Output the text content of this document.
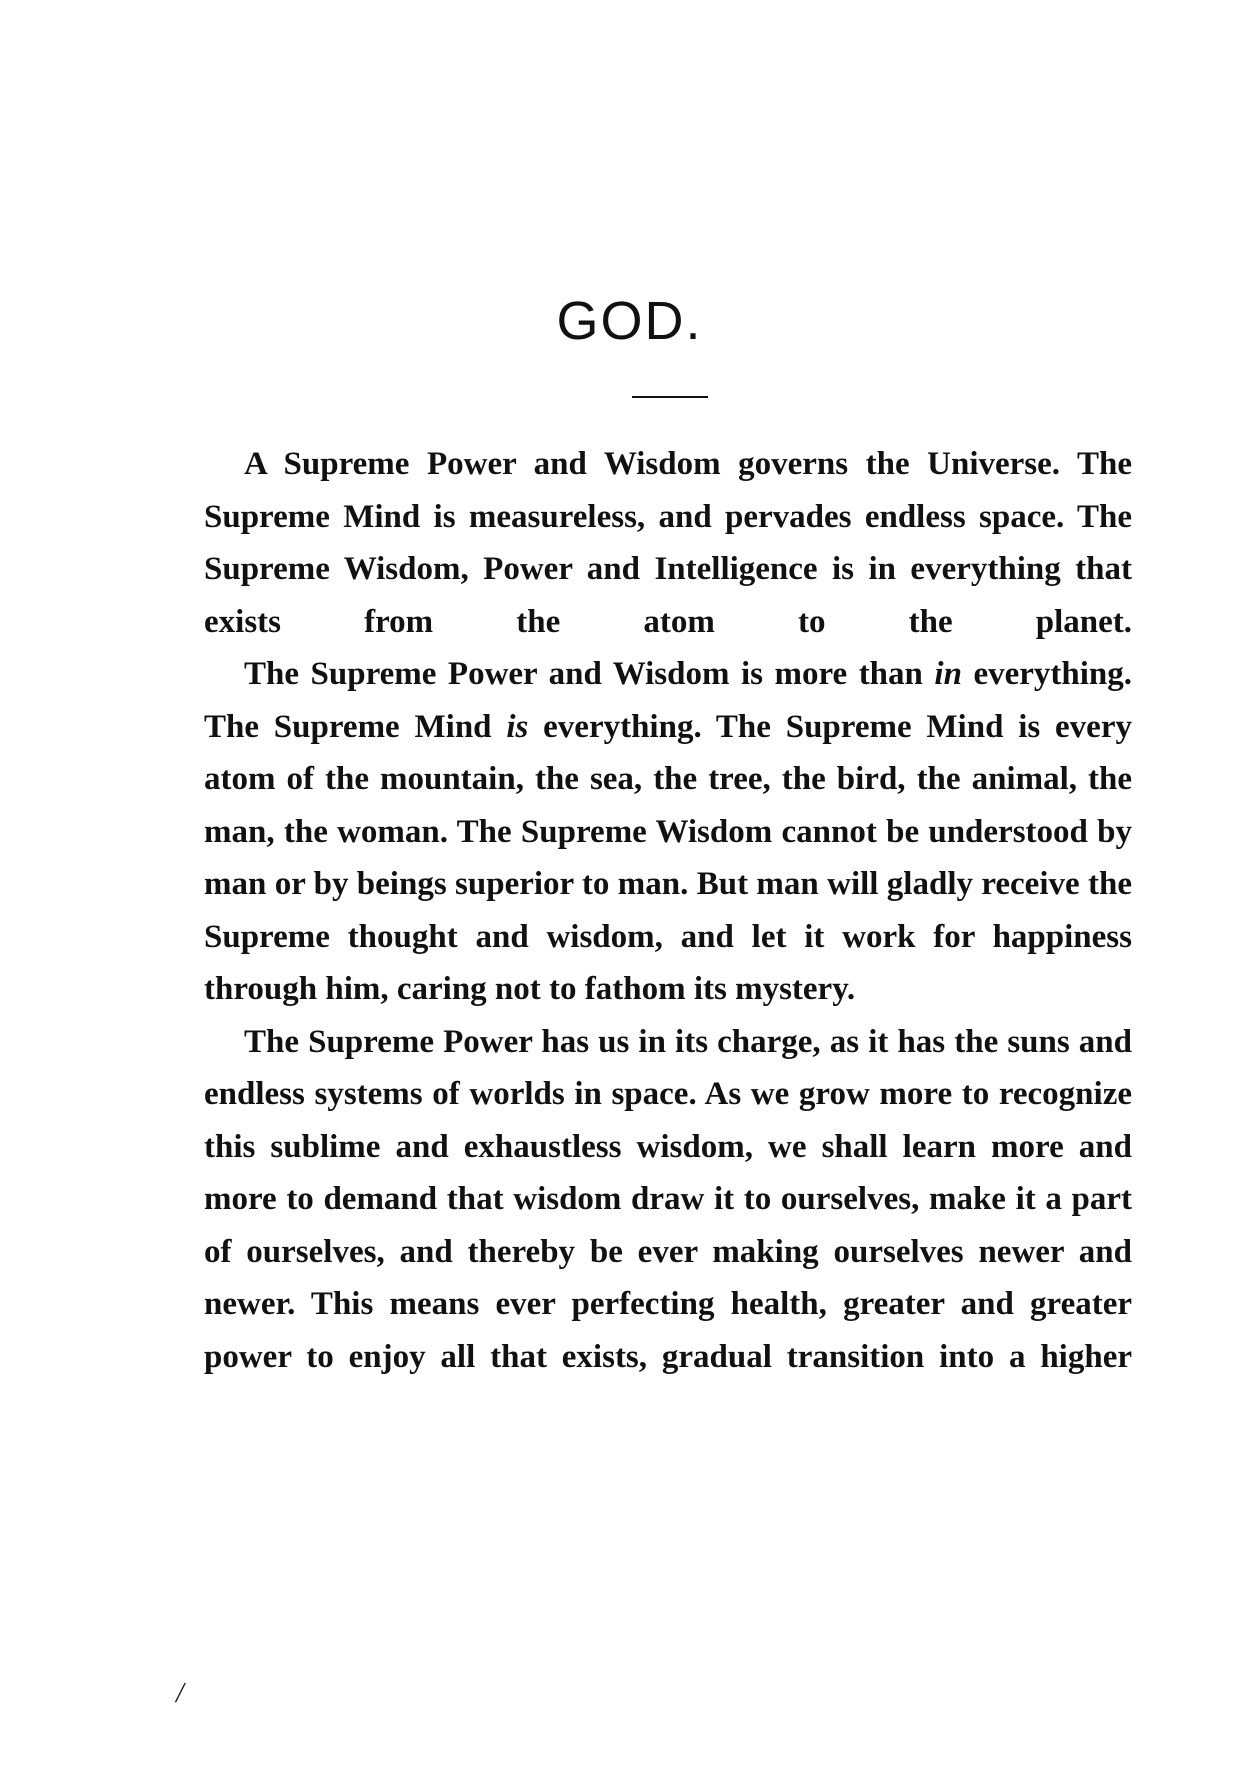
GOD.

A Supreme Power and Wisdom governs the Universe. The Supreme Mind is measureless, and pervades endless space. The Supreme Wisdom, Power and Intelligence is in everything that exists from the atom to the planet.

The Supreme Power and Wisdom is more than in everything. The Supreme Mind is everything. The Supreme Mind is every atom of the mountain, the sea, the tree, the bird, the animal, the man, the woman. The Supreme Wisdom cannot be understood by man or by beings superior to man. But man will gladly receive the Supreme thought and wisdom, and let it work for happiness through him, caring not to fathom its mystery.

The Supreme Power has us in its charge, as it has the suns and endless systems of worlds in space. As we grow more to recognize this sublime and exhaustless wisdom, we shall learn more and more to demand that wisdom draw it to ourselves, make it a part of ourselves, and thereby be ever making ourselves newer and newer. This means ever perfecting health, greater and greater power to enjoy all that exists, gradual transition into a higher

/
